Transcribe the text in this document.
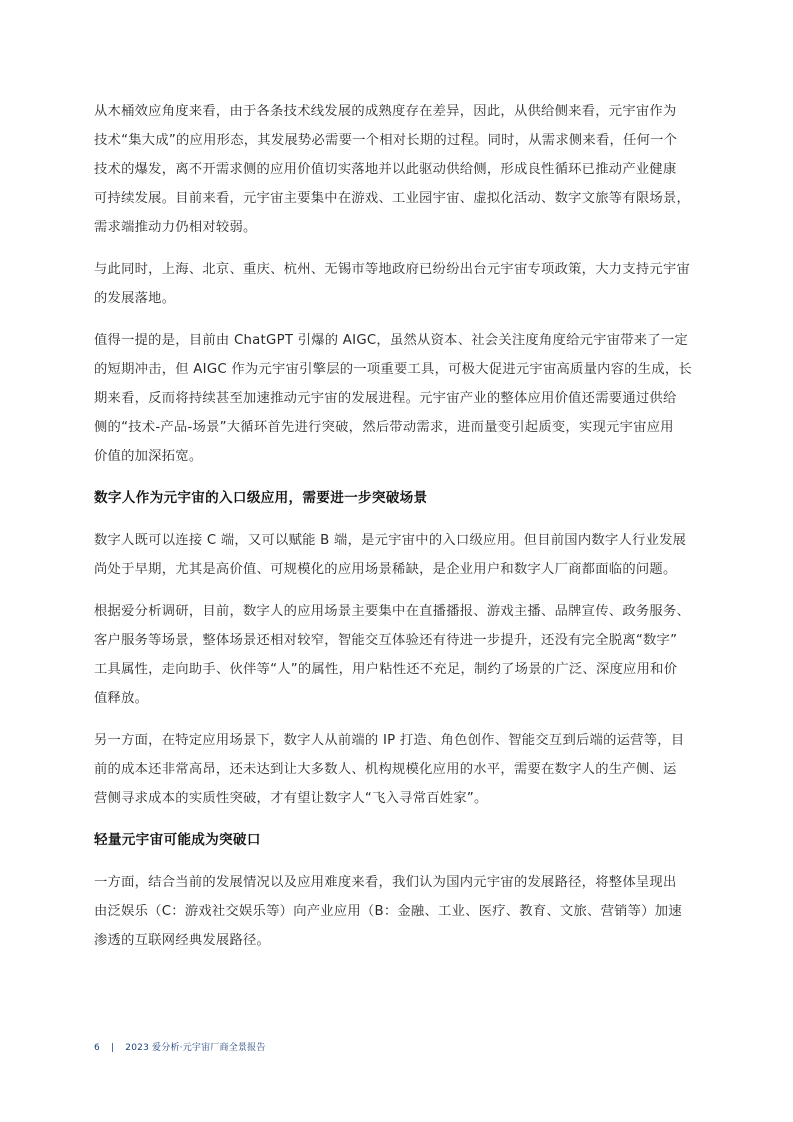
从木桶效应角度来看，由于各条技术线发展的成熟度存在差异，因此，从供给侧来看，元宇宙作为
技术“集大成”的应用形态，其发展势必需要一个相对长期的过程。同时，从需求侧来看，任何一个
技术的爆发，离不开需求侧的应用价值切实落地并以此驱动供给侧，形成良性循环已推动产业健康
可持续发展。目前来看，元宇宙主要集中在游戏、工业园宇宙、虚拟化活动、数字文旅等有限场景，
需求端推动力仍相对较弱。

与此同时，上海、北京、重庆、杭州、无锡市等地政府已纷纷出台元宇宙专项政策，大力支持元宇宙
的发展落地。

值得一提的是，目前由 ChatGPT 引爆的 AIGC，虽然从资本、社会关注度角度给元宇宙带来了一定
的短期冲击，但 AIGC 作为元宇宙引擎层的一项重要工具，可极大促进元宇宙高质量内容的生成，长
期来看，反而将持续甚至加速推动元宇宙的发展进程。元宇宙产业的整体应用价值还需要通过供给
侧的“技术-产品-场景”大循环首先进行突破，然后带动需求，进而量变引起质变，实现元宇宙应用
价值的加深拓宽。

数字人作为元宇宙的入口级应用，需要进一步突破场景

数字人既可以连接 C 端，又可以赋能 B 端，是元宇宙中的入口级应用。但目前国内数字人行业发展
尚处于早期，尤其是高价值、可规模化的应用场景稀缺，是企业用户和数字人厂商都面临的问题。

根据爱分析调研，目前，数字人的应用场景主要集中在直播播报、游戏主播、品牌宣传、政务服务、
客户服务等场景，整体场景还相对较窄，智能交互体验还有待进一步提升，还没有完全脱离“数字”
工具属性，走向助手、伙伴等“人”的属性，用户粘性还不充足，制约了场景的广泛、深度应用和价
值释放。

另一方面，在特定应用场景下，数字人从前端的 IP 打造、角色创作、智能交互到后端的运营等，目
前的成本还非常高昂，还未达到让大多数人、机构规模化应用的水平，需要在数字人的生产侧、运
营侧寻求成本的实质性突破，才有望让数字人“飞入寻常百姓家”。

轻量元宇宙可能成为突破口

一方面，结合当前的发展情况以及应用难度来看，我们认为国内元宇宙的发展路径，将整体呈现出
由泛娱乐（C：游戏社交娱乐等）向产业应用（B：金融、工业、医疗、教育、文旅、营销等）加速
渗透的互联网经典发展路径。

6 | 2023 爱分析·元宇宙厂商全景报告
